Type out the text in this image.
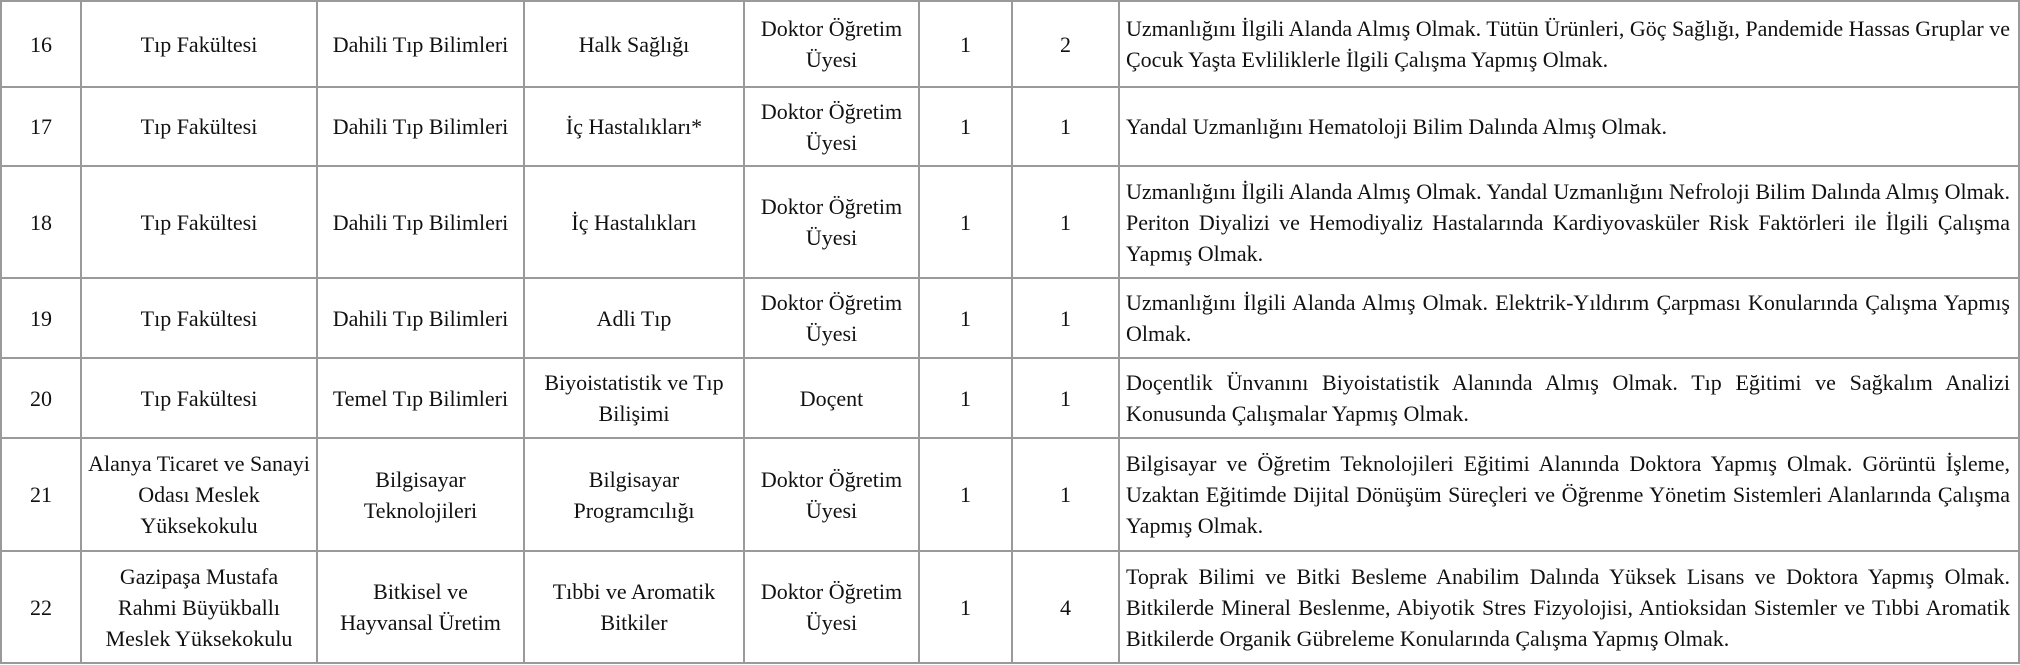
16	Tıp Fakültesi	Dahili Tıp Bilimleri	Halk Sağlığı	Doktor Öğretim Üyesi	1	2	Uzmanlığını İlgili Alanda Almış Olmak. Tütün Ürünleri, Göç Sağlığı, Pandemide Hassas Gruplar ve Çocuk Yaşta Evliliklerle İlgili Çalışma Yapmış Olmak.
17	Tıp Fakültesi	Dahili Tıp Bilimleri	İç Hastalıkları*	Doktor Öğretim Üyesi	1	1	Yandal Uzmanlığını Hematoloji Bilim Dalında Almış Olmak.
18	Tıp Fakültesi	Dahili Tıp Bilimleri	İç Hastalıkları	Doktor Öğretim Üyesi	1	1	Uzmanlığını İlgili Alanda Almış Olmak. Yandal Uzmanlığını Nefroloji Bilim Dalında Almış Olmak. Periton Diyalizi ve Hemodiyaliz Hastalarında Kardiyovasküler Risk Faktörleri ile İlgili Çalışma Yapmış Olmak.
19	Tıp Fakültesi	Dahili Tıp Bilimleri	Adli Tıp	Doktor Öğretim Üyesi	1	1	Uzmanlığını İlgili Alanda Almış Olmak. Elektrik-Yıldırım Çarpması Konularında Çalışma Yapmış Olmak.
20	Tıp Fakültesi	Temel Tıp Bilimleri	Biyoistatistik ve Tıp Bilişimi	Doçent	1	1	Doçentlik Ünvanını Biyoistatistik Alanında Almış Olmak. Tıp Eğitimi ve Sağkalım Analizi Konusunda Çalışmalar Yapmış Olmak.
21	Alanya Ticaret ve Sanayi Odası Meslek Yüksekokulu	Bilgisayar Teknolojileri	Bilgisayar Programcılığı	Doktor Öğretim Üyesi	1	1	Bilgisayar ve Öğretim Teknolojileri Eğitimi Alanında Doktora Yapmış Olmak. Görüntü İşleme, Uzaktan Eğitimde Dijital Dönüşüm Süreçleri ve Öğrenme Yönetim Sistemleri Alanlarında Çalışma Yapmış Olmak.
22	Gazipaşa Mustafa Rahmi Büyükballı Meslek Yüksekokulu	Bitkisel ve Hayvansal Üretim	Tıbbi ve Aromatik Bitkiler	Doktor Öğretim Üyesi	1	4	Toprak Bilimi ve Bitki Besleme Anabilim Dalında Yüksek Lisans ve Doktora Yapmış Olmak. Bitkilerde Mineral Beslenme, Abiyotik Stres Fizyolojisi, Antioksidan Sistemler ve Tıbbi Aromatik Bitkilerde Organik Gübreleme Konularında Çalışma Yapmış Olmak.
